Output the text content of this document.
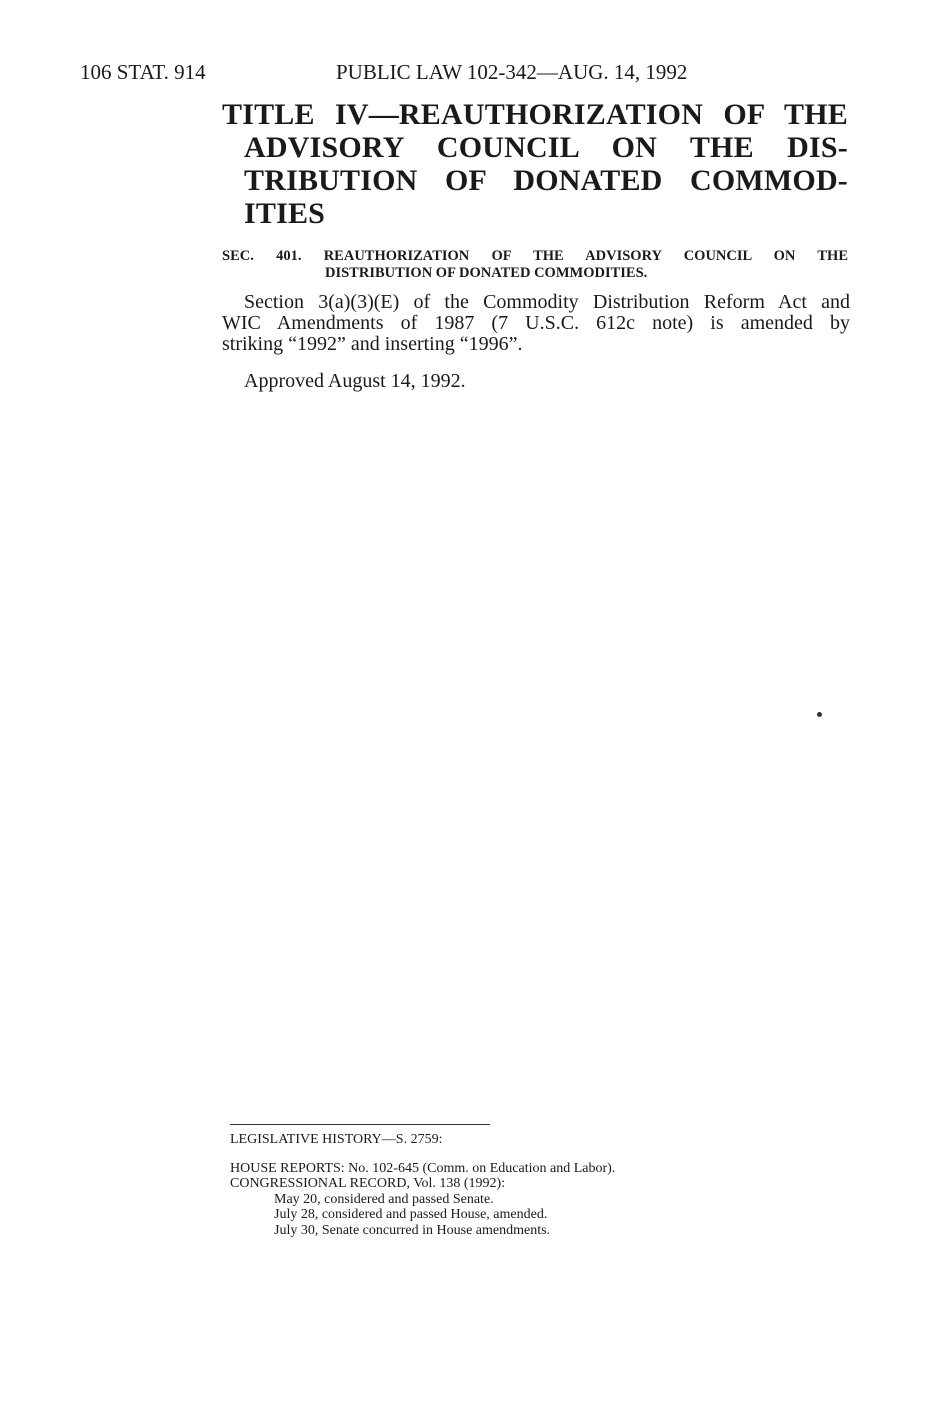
106 STAT. 914	PUBLIC LAW 102-342—AUG. 14, 1992
TITLE IV—REAUTHORIZATION OF THE
ADVISORY COUNCIL ON THE DIS-
TRIBUTION OF DONATED COMMOD-
ITIES
SEC. 401. REAUTHORIZATION OF THE ADVISORY COUNCIL ON THE
DISTRIBUTION OF DONATED COMMODITIES.
Section 3(a)(3)(E) of the Commodity Distribution Reform Act and
WIC Amendments of 1987 (7 U.S.C. 612c note) is amended by
striking “1992” and inserting “1996”.
Approved August 14, 1992.
LEGISLATIVE HISTORY—S. 2759:
HOUSE REPORTS: No. 102-645 (Comm. on Education and Labor).
CONGRESSIONAL RECORD, Vol. 138 (1992):
May 20, considered and passed Senate.
July 28, considered and passed House, amended.
July 30, Senate concurred in House amendments.
